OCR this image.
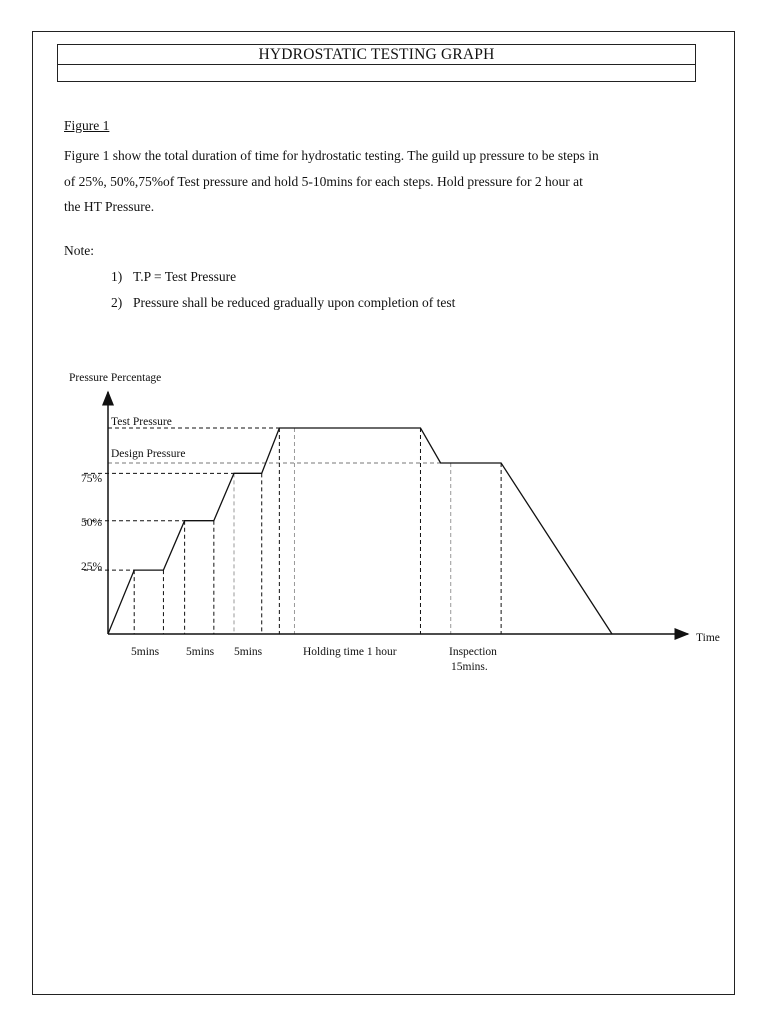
HYDROSTATIC TESTING GRAPH
Figure 1
Figure 1 show the total duration of time for hydrostatic testing. The guild up pressure to be steps in
of 25%, 50%,75%of Test pressure and hold 5-10mins for each steps. Hold pressure for 2 hour at
the HT Pressure.
Note:
1) T.P = Test Pressure
2) Pressure shall be reduced gradually upon completion of test
Pressure Percentage
Time
Test Pressure
Design Pressure
75%
50%
25%
5mins 5mins 5mins	Holding time 1 hour	Inspection
15mins.
